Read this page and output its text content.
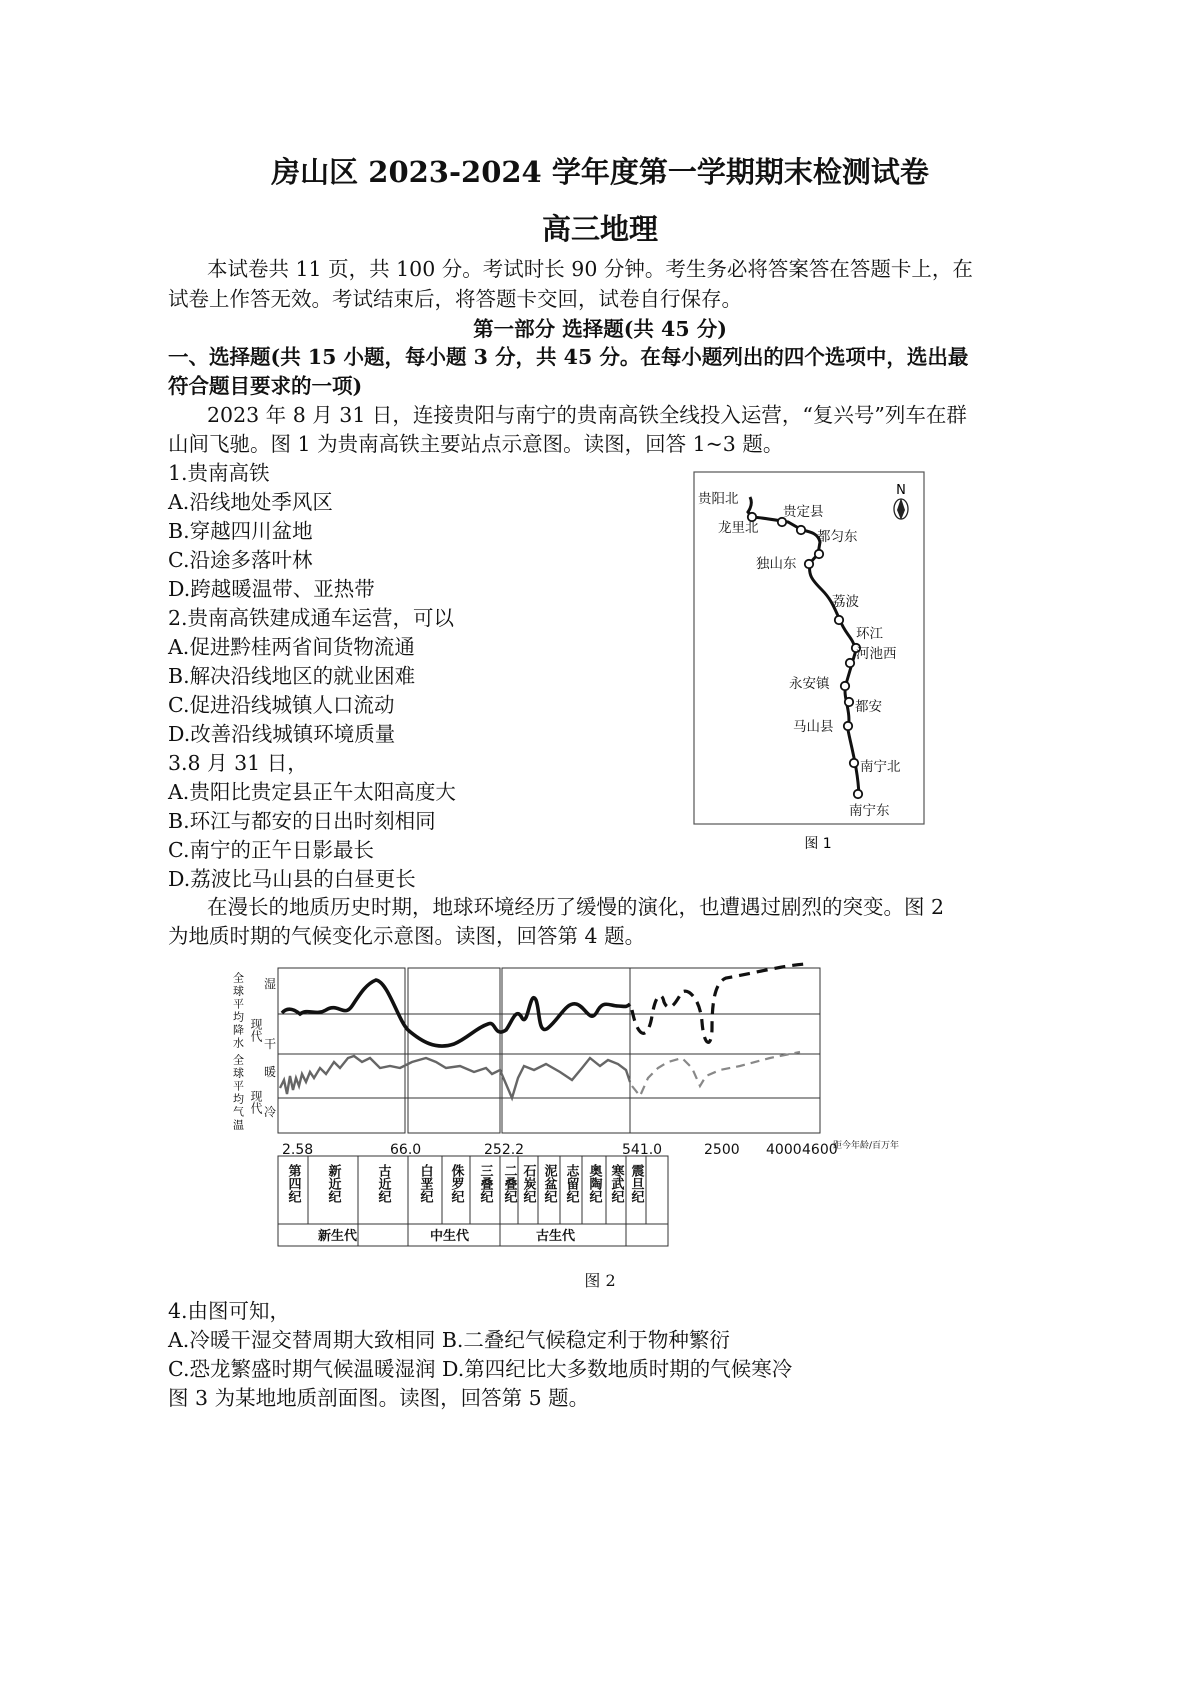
房山区 2023-2024 学年度第一学期期末检测试卷
高三地理
本试卷共 11 页，共 100 分。考试时长 90 分钟。考生务必将答案答在答题卡上，在
试卷上作答无效。考试结束后，将答题卡交回，试卷自行保存。
第一部分 选择题(共 45 分)
一、选择题(共 15 小题，每小题 3 分，共 45 分。在每小题列出的四个选项中，选出最
符合题目要求的一项)
2023 年 8 月 31 日，连接贵阳与南宁的贵南高铁全线投入运营，“复兴号”列车在群
山间飞驰。图 1 为贵南高铁主要站点示意图。读图，回答 1~3 题。
1.贵南高铁
A.沿线地处季风区
B.穿越四川盆地
C.沿途多落叶林
D.跨越暖温带、亚热带
2.贵南高铁建成通车运营，可以
A.促进黔桂两省间货物流通
B.解决沿线地区的就业困难
C.促进沿线城镇人口流动
D.改善沿线城镇环境质量
3.8 月 31 日，
A.贵阳比贵定县正午太阳高度大
B.环江与都安的日出时刻相同
C.南宁的正午日影最长
D.荔波比马山县的白昼更长
N
贵阳北
贵定县
龙里北
都匀东
独山东
荔波
环江
河池西
永安镇
都安
马山县
南宁北
南宁东
图 1
在漫长的地质历史时期，地球环境经历了缓慢的演化，也遭遇过剧烈的突变。图 2
为地质时期的气候变化示意图。读图，回答第 4 题。
全球平均降水
全球平均气温
湿
现代
干
暖
现代 冷
2.58	66.0	252.2	541.0	2500 4000 4600
距今年龄/百万年
第四纪 新近纪	古近纪 白垩纪 侏罗纪 三叠纪 二叠纪 石炭纪 泥盆纪 志留纪 奥陶纪 寒武纪 震旦纪
新生代	中生代	古生代
图 2
4.由图可知，
A.冷暖干湿交替周期大致相同 B.二叠纪气候稳定利于物种繁衍
C.恐龙繁盛时期气候温暖湿润 D.第四纪比大多数地质时期的气候寒冷
图 3 为某地地质剖面图。读图，回答第 5 题。
